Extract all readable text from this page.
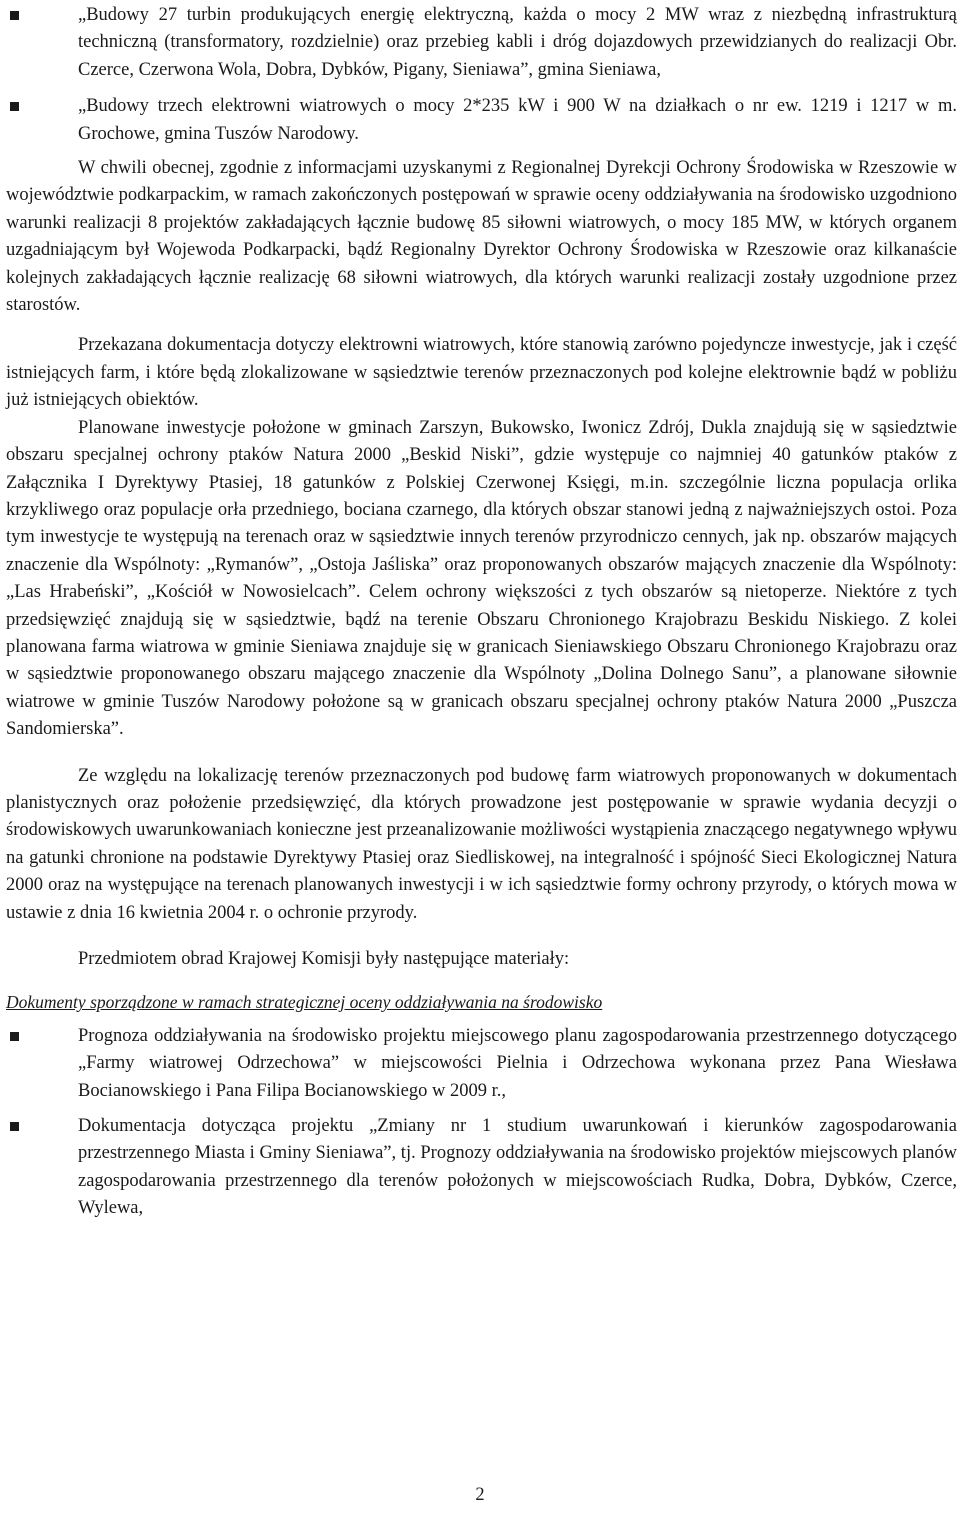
„Budowy 27 turbin produkujących energię elektryczną, każda o mocy 2 MW wraz z niezbędną infrastrukturą techniczną (transformatory, rozdzielnie) oraz przebieg kabli i dróg dojazdowych przewidzianych do realizacji Obr. Czerce, Czerwona Wola, Dobra, Dybków, Pigany, Sieniawa”, gmina Sieniawa,
„Budowy trzech elektrowni wiatrowych o mocy 2*235 kW i 900 W na działkach o nr ew. 1219 i 1217 w m. Grochowe, gmina Tuszów Narodowy.

W chwili obecnej, zgodnie z informacjami uzyskanymi z Regionalnej Dyrekcji Ochrony Środowiska w Rzeszowie w województwie podkarpackim, w ramach zakończonych postępowań w sprawie oceny oddziaływania na środowisko uzgodniono warunki realizacji 8 projektów zakładających łącznie budowę 85 siłowni wiatrowych, o mocy 185 MW, w których organem uzgadniającym był Wojewoda Podkarpacki, bądź Regionalny Dyrektor Ochrony Środowiska w Rzeszowie oraz kilkanaście kolejnych zakładających łącznie realizację 68 siłowni wiatrowych, dla których warunki realizacji zostały uzgodnione przez starostów.

Przekazana dokumentacja dotyczy elektrowni wiatrowych, które stanowią zarówno pojedyncze inwestycje, jak i część istniejących farm, i które będą zlokalizowane w sąsiedztwie terenów przeznaczonych pod kolejne elektrownie bądź w pobliżu już istniejących obiektów.

Planowane inwestycje położone w gminach Zarszyn, Bukowsko, Iwonicz Zdrój, Dukla znajdują się w sąsiedztwie obszaru specjalnej ochrony ptaków Natura 2000 „Beskid Niski”, gdzie występuje co najmniej 40 gatunków ptaków z Załącznika I Dyrektywy Ptasiej, 18 gatunków z Polskiej Czerwonej Księgi, m.in. szczególnie liczna populacja orlika krzykliwego oraz populacje orła przedniego, bociana czarnego, dla których obszar stanowi jedną z najważniejszych ostoi. Poza tym inwestycje te występują na terenach oraz w sąsiedztwie innych terenów przyrodniczo cennych, jak np. obszarów mających znaczenie dla Wspólnoty: „Rymanów”, „Ostoja Jaśliska” oraz proponowanych obszarów mających znaczenie dla Wspólnoty: „Las Hrabeński”, „Kościół w Nowosielcach”. Celem ochrony większości z tych obszarów są nietoperze. Niektóre z tych przedsięwzięć znajdują się w sąsiedztwie, bądź na terenie Obszaru Chronionego Krajobrazu Beskidu Niskiego. Z kolei planowana farma wiatrowa w gminie Sieniawa znajduje się w granicach Sieniawskiego Obszaru Chronionego Krajobrazu oraz w sąsiedztwie proponowanego obszaru mającego znaczenie dla Wspólnoty „Dolina Dolnego Sanu”, a planowane siłownie wiatrowe w gminie Tuszów Narodowy położone są w granicach obszaru specjalnej ochrony ptaków Natura 2000 „Puszcza Sandomierska”.

Ze względu na lokalizację terenów przeznaczonych pod budowę farm wiatrowych proponowanych w dokumentach planistycznych oraz położenie przedsięwzięć, dla których prowadzone jest postępowanie w sprawie wydania decyzji o środowiskowych uwarunkowaniach konieczne jest przeanalizowanie możliwości wystąpienia znaczącego negatywnego wpływu na gatunki chronione na podstawie Dyrektywy Ptasiej oraz Siedliskowej, na integralność i spójność Sieci Ekologicznej Natura 2000 oraz na występujące na terenach planowanych inwestycji i w ich sąsiedztwie formy ochrony przyrody, o których mowa w ustawie z dnia 16 kwietnia 2004 r. o ochronie przyrody.

Przedmiotem obrad Krajowej Komisji były następujące materiały:

Dokumenty sporządzone w ramach strategicznej oceny oddziaływania na środowisko
Prognoza oddziaływania na środowisko projektu miejscowego planu zagospodarowania przestrzennego dotyczącego „Farmy wiatrowej Odrzechowa” w miejscowości Pielnia i Odrzechowa wykonana przez Pana Wiesława Bocianowskiego i Pana Filipa Bocianowskiego w 2009 r.,
Dokumentacja dotycząca projektu „Zmiany nr 1 studium uwarunkowań i kierunków zagospodarowania przestrzennego Miasta i Gminy Sieniawa”, tj. Prognozy oddziaływania na środowisko projektów miejscowych planów zagospodarowania przestrzennego dla terenów położonych w miejscowościach Rudka, Dobra, Dybków, Czerce, Wylewa,
2
